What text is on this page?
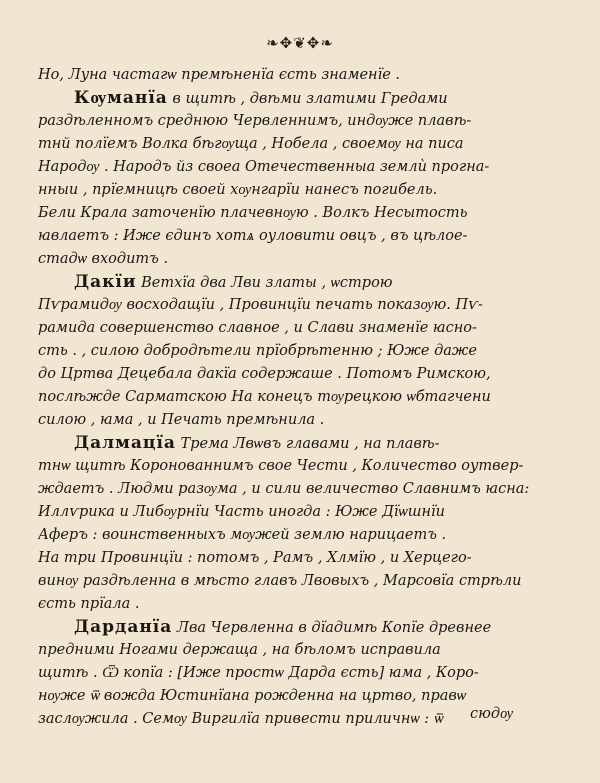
❧✥❦✥❧
Но, Луна частагѡ премѣненїа єсть знаменїе .
Кѹманїа в щитѣ , двѣми златими Гредами
раздѣленномъ среднюю Червленнимъ, индѹже плавѣ-
тнй полїемъ Волка бѣгѹща , Нобела , своемѹ на писа
Народѹ . Народъ йз своеа Отечественныа землѝ прогна-
нныи , прїемницѣ своей хѹнгарїи нанесъ погибель.
Бели Крала заточенїю плачевнѹю . Волкъ Несытость
ꙗвлаетъ : Иже єдинъ хотѧ оуловити овцъ , въ цѣлое-
стадѡ входитъ .
Дакїи Ветхїа два Лви златы , ѡстрою
Пѵрамидѹ восходащїи , Провинцїи печать показѹю. Пѵ-
рамида совершенство славное , и Слави знаменїе ꙗсно-
сть . , силою добродѣтели прїобрѣтенню ; Юже даже
до Цртва Децебала дакїа содержаше . Потомъ Римскою,
послѣжде Сарматскою На конецъ тѹрецкою ѡбтагчени
силою , ꙗма , и Печать премѣнила .
Далмацїа Трема Лвѡвъ главами , на плавѣ-
тнѡ щитѣ Коронованнимъ свое Чести , Количество оутвер-
ждаетъ . Людми разѹма , и сили величество Славнимъ ꙗсна:
Иллѵрика и Либѹрнїи Часть иногда : Юже Дїѡшнїи
Аферъ : воинственныхъ мѹжей землю нарицаетъ .
На три Провинцїи : потомъ , Рамъ , Хлмїю , и Херцего-
винѹ раздѣленна в мѣсто главъ Лвовыхъ , Марсовїа стрѣли
єсть прїала .
Дарданїа Лва Червленна в дїадимѣ Копїе древнее
предними Ногами держаща , на бѣломъ исправила
щитѣ . Ѿ копїа : [Иже простѡ Дарда єсть] ꙗма , Коро-
нѹже ѿ вожда Юстинїана рожденна на цртво, правѡ
заслѹжила . Семѹ Виргилїа привести приличнѡ : ѿ	сюдѹ
